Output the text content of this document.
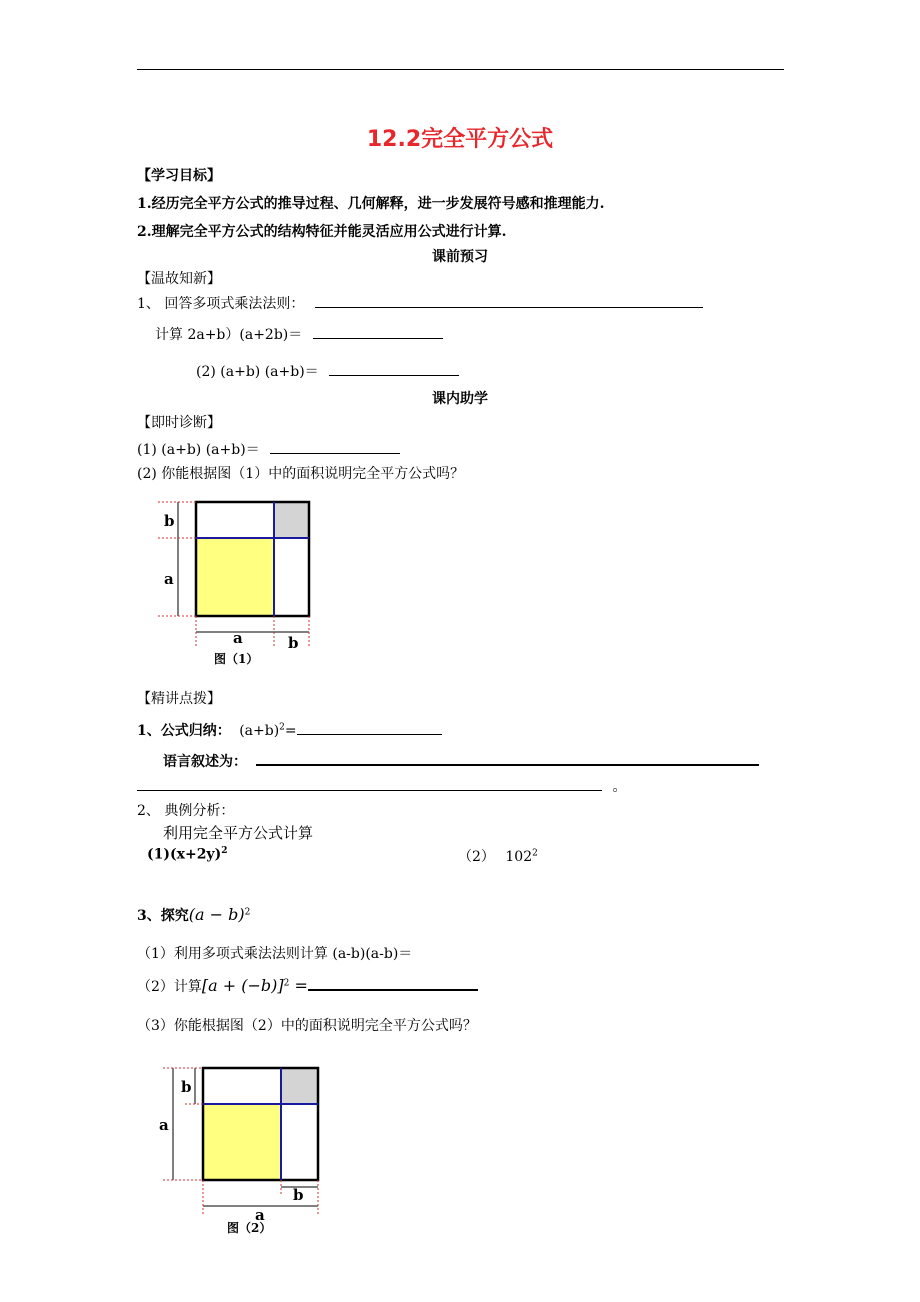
12.2完全平方公式
【学习目标】
1.经历完全平方公式的推导过程、几何解释，进一步发展符号感和推理能力.
2.理解完全平方公式的结构特征并能灵活应用公式进行计算.
课前预习
【温故知新】
1、 回答多项式乘法法则：
计算 2a+b）(a+2b)＝
(2) (a+b) (a+b)＝
课内助学
【即时诊断】
(1) (a+b) (a+b)＝
(2) 你能根据图（1）中的面积说明完全平方公式吗？
b
a
a	b
图（1）
【精讲点拨】
1、公式归纳： $(a+b)^2=$
语言叙述为：
。
2、 典例分析：
利用完全平方公式计算
$(1)(x+2y)^2$	（2） $102^2$
3、探究$(a - b)^2$
（1）利用多项式乘法法则计算 (a-b)(a-b)＝
（2）计算$[a + (-b)]^2$ =
（3）你能根据图（2）中的面积说明完全平方公式吗？
b
a
a
b
图（2）
